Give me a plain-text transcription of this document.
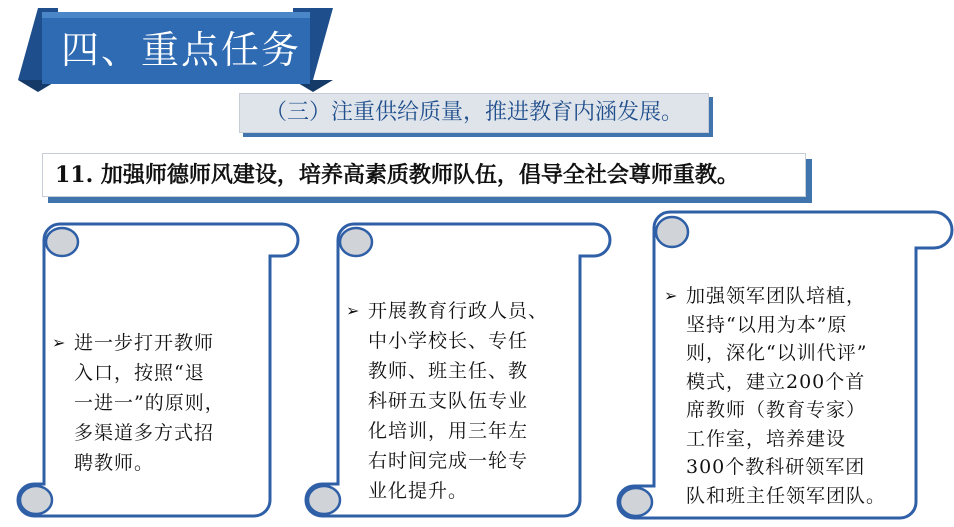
四、重点任务
（三）注重供给质量，推进教育内涵发展。
11. 加强师德师风建设，培养高素质教师队伍，倡导全社会尊师重教。
➢ 进一步打开教师
入口，按照“退
一进一”的原则，
多渠道多方式招
聘教师。
➢ 开展教育行政人员、
中小学校长、专任
教师、班主任、教
科研五支队伍专业
化培训，用三年左
右时间完成一轮专
业化提升。
➢ 加强领军团队培植，
坚持“以用为本”原
则，深化“以训代评”
模式，建立200个首
席教师（教育专家）
工作室，培养建设
300个教科研领军团
队和班主任领军团队。
